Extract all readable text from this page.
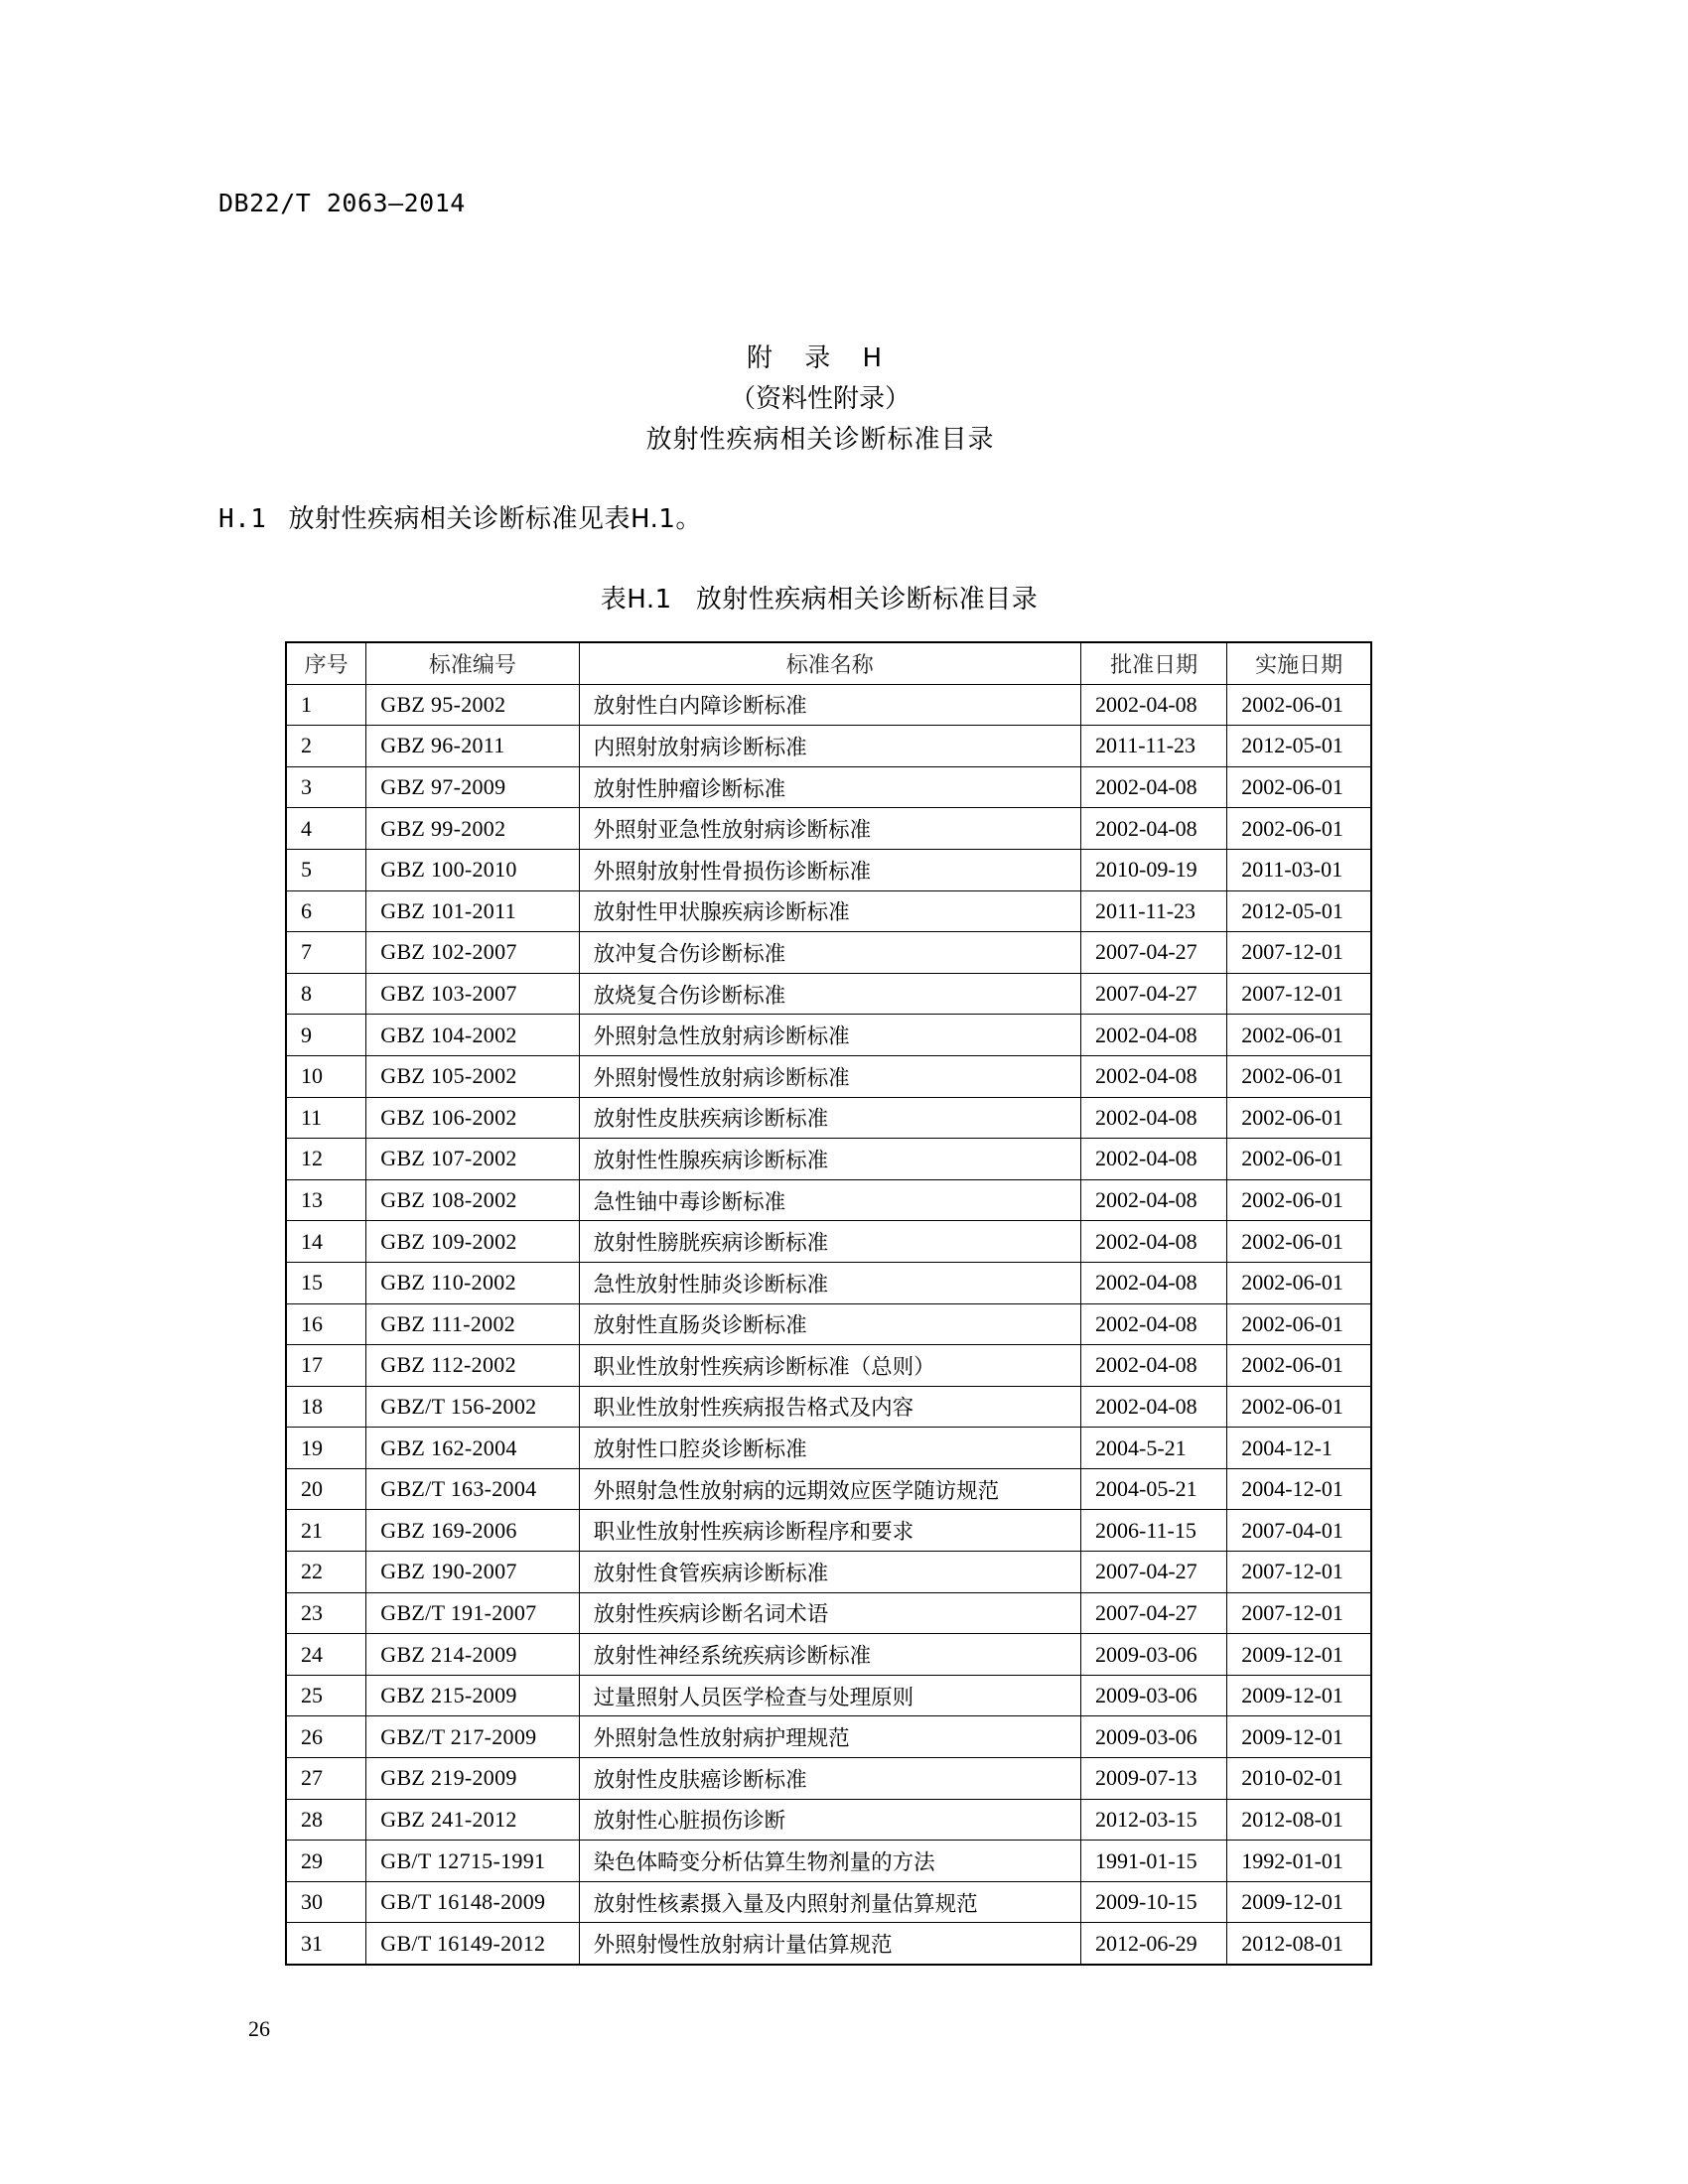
DB22/T 2063—2014
附 录 H
（资料性附录）
放射性疾病相关诊断标准目录
H.1 放射性疾病相关诊断标准见表H.1。
表H.1 放射性疾病相关诊断标准目录
序号	标准编号	标准名称	批准日期	实施日期
1	GBZ 95-2002	放射性白内障诊断标准	2002-04-08	2002-06-01
2	GBZ 96-2011	内照射放射病诊断标准	2011-11-23	2012-05-01
3	GBZ 97-2009	放射性肿瘤诊断标准	2002-04-08	2002-06-01
4	GBZ 99-2002	外照射亚急性放射病诊断标准	2002-04-08	2002-06-01
5	GBZ 100-2010	外照射放射性骨损伤诊断标准	2010-09-19	2011-03-01
6	GBZ 101-2011	放射性甲状腺疾病诊断标准	2011-11-23	2012-05-01
7	GBZ 102-2007	放冲复合伤诊断标准	2007-04-27	2007-12-01
8	GBZ 103-2007	放烧复合伤诊断标准	2007-04-27	2007-12-01
9	GBZ 104-2002	外照射急性放射病诊断标准	2002-04-08	2002-06-01
10	GBZ 105-2002	外照射慢性放射病诊断标准	2002-04-08	2002-06-01
11	GBZ 106-2002	放射性皮肤疾病诊断标准	2002-04-08	2002-06-01
12	GBZ 107-2002	放射性性腺疾病诊断标准	2002-04-08	2002-06-01
13	GBZ 108-2002	急性铀中毒诊断标准	2002-04-08	2002-06-01
14	GBZ 109-2002	放射性膀胱疾病诊断标准	2002-04-08	2002-06-01
15	GBZ 110-2002	急性放射性肺炎诊断标准	2002-04-08	2002-06-01
16	GBZ 111-2002	放射性直肠炎诊断标准	2002-04-08	2002-06-01
17	GBZ 112-2002	职业性放射性疾病诊断标准（总则）	2002-04-08	2002-06-01
18	GBZ/T 156-2002	职业性放射性疾病报告格式及内容	2002-04-08	2002-06-01
19	GBZ 162-2004	放射性口腔炎诊断标准	2004-5-21	2004-12-1
20	GBZ/T 163-2004	外照射急性放射病的远期效应医学随访规范	2004-05-21	2004-12-01
21	GBZ 169-2006	职业性放射性疾病诊断程序和要求	2006-11-15	2007-04-01
22	GBZ 190-2007	放射性食管疾病诊断标准	2007-04-27	2007-12-01
23	GBZ/T 191-2007	放射性疾病诊断名词术语	2007-04-27	2007-12-01
24	GBZ 214-2009	放射性神经系统疾病诊断标准	2009-03-06	2009-12-01
25	GBZ 215-2009	过量照射人员医学检查与处理原则	2009-03-06	2009-12-01
26	GBZ/T 217-2009	外照射急性放射病护理规范	2009-03-06	2009-12-01
27	GBZ 219-2009	放射性皮肤癌诊断标准	2009-07-13	2010-02-01
28	GBZ 241-2012	放射性心脏损伤诊断	2012-03-15	2012-08-01
29	GB/T 12715-1991	染色体畸变分析估算生物剂量的方法	1991-01-15	1992-01-01
30	GB/T 16148-2009	放射性核素摄入量及内照射剂量估算规范	2009-10-15	2009-12-01
31	GB/T 16149-2012	外照射慢性放射病计量估算规范	2012-06-29	2012-08-01
26
